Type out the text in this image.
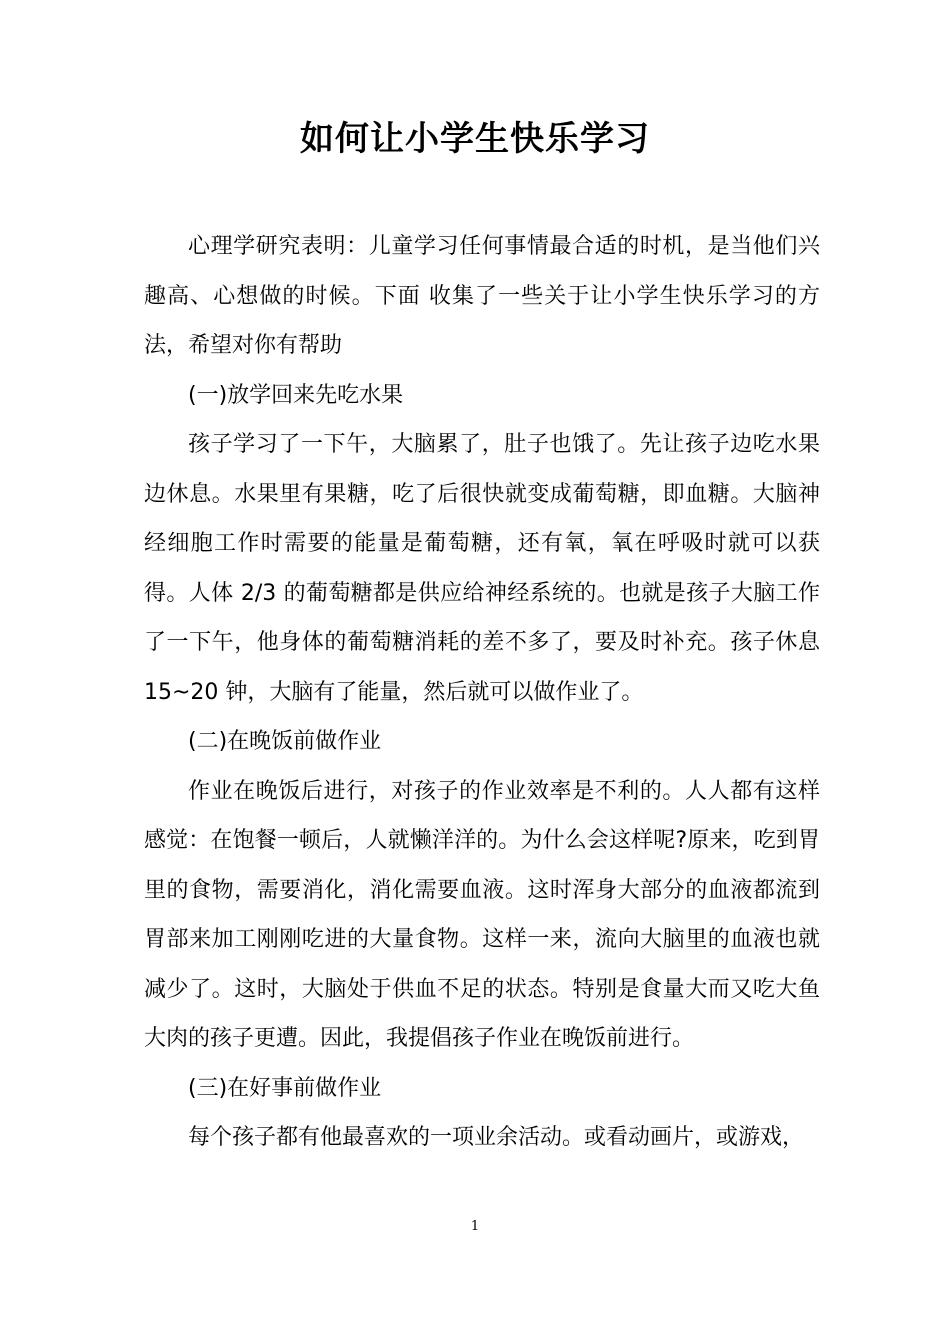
如何让小学生快乐学习

心理学研究表明：儿童学习任何事情最合适的时机，是当他们兴趣高、心想做的时候。下面 收集了一些关于让小学生快乐学习的方法，希望对你有帮助

(一)放学回来先吃水果

孩子学习了一下午，大脑累了，肚子也饿了。先让孩子边吃水果边休息。水果里有果糖，吃了后很快就变成葡萄糖，即血糖。大脑神经细胞工作时需要的能量是葡萄糖，还有氧，氧在呼吸时就可以获得。人体 2/3 的葡萄糖都是供应给神经系统的。也就是孩子大脑工作了一下午，他身体的葡萄糖消耗的差不多了，要及时补充。孩子休息 15~20 钟，大脑有了能量，然后就可以做作业了。

(二)在晚饭前做作业

作业在晚饭后进行，对孩子的作业效率是不利的。人人都有这样感觉：在饱餐一顿后，人就懒洋洋的。为什么会这样呢?原来，吃到胃里的食物，需要消化，消化需要血液。这时浑身大部分的血液都流到胃部来加工刚刚吃进的大量食物。这样一来，流向大脑里的血液也就减少了。这时，大脑处于供血不足的状态。特别是食量大而又吃大鱼大肉的孩子更遭。因此，我提倡孩子作业在晚饭前进行。

(三)在好事前做作业

每个孩子都有他最喜欢的一项业余活动。或看动画片，或游戏，

1
